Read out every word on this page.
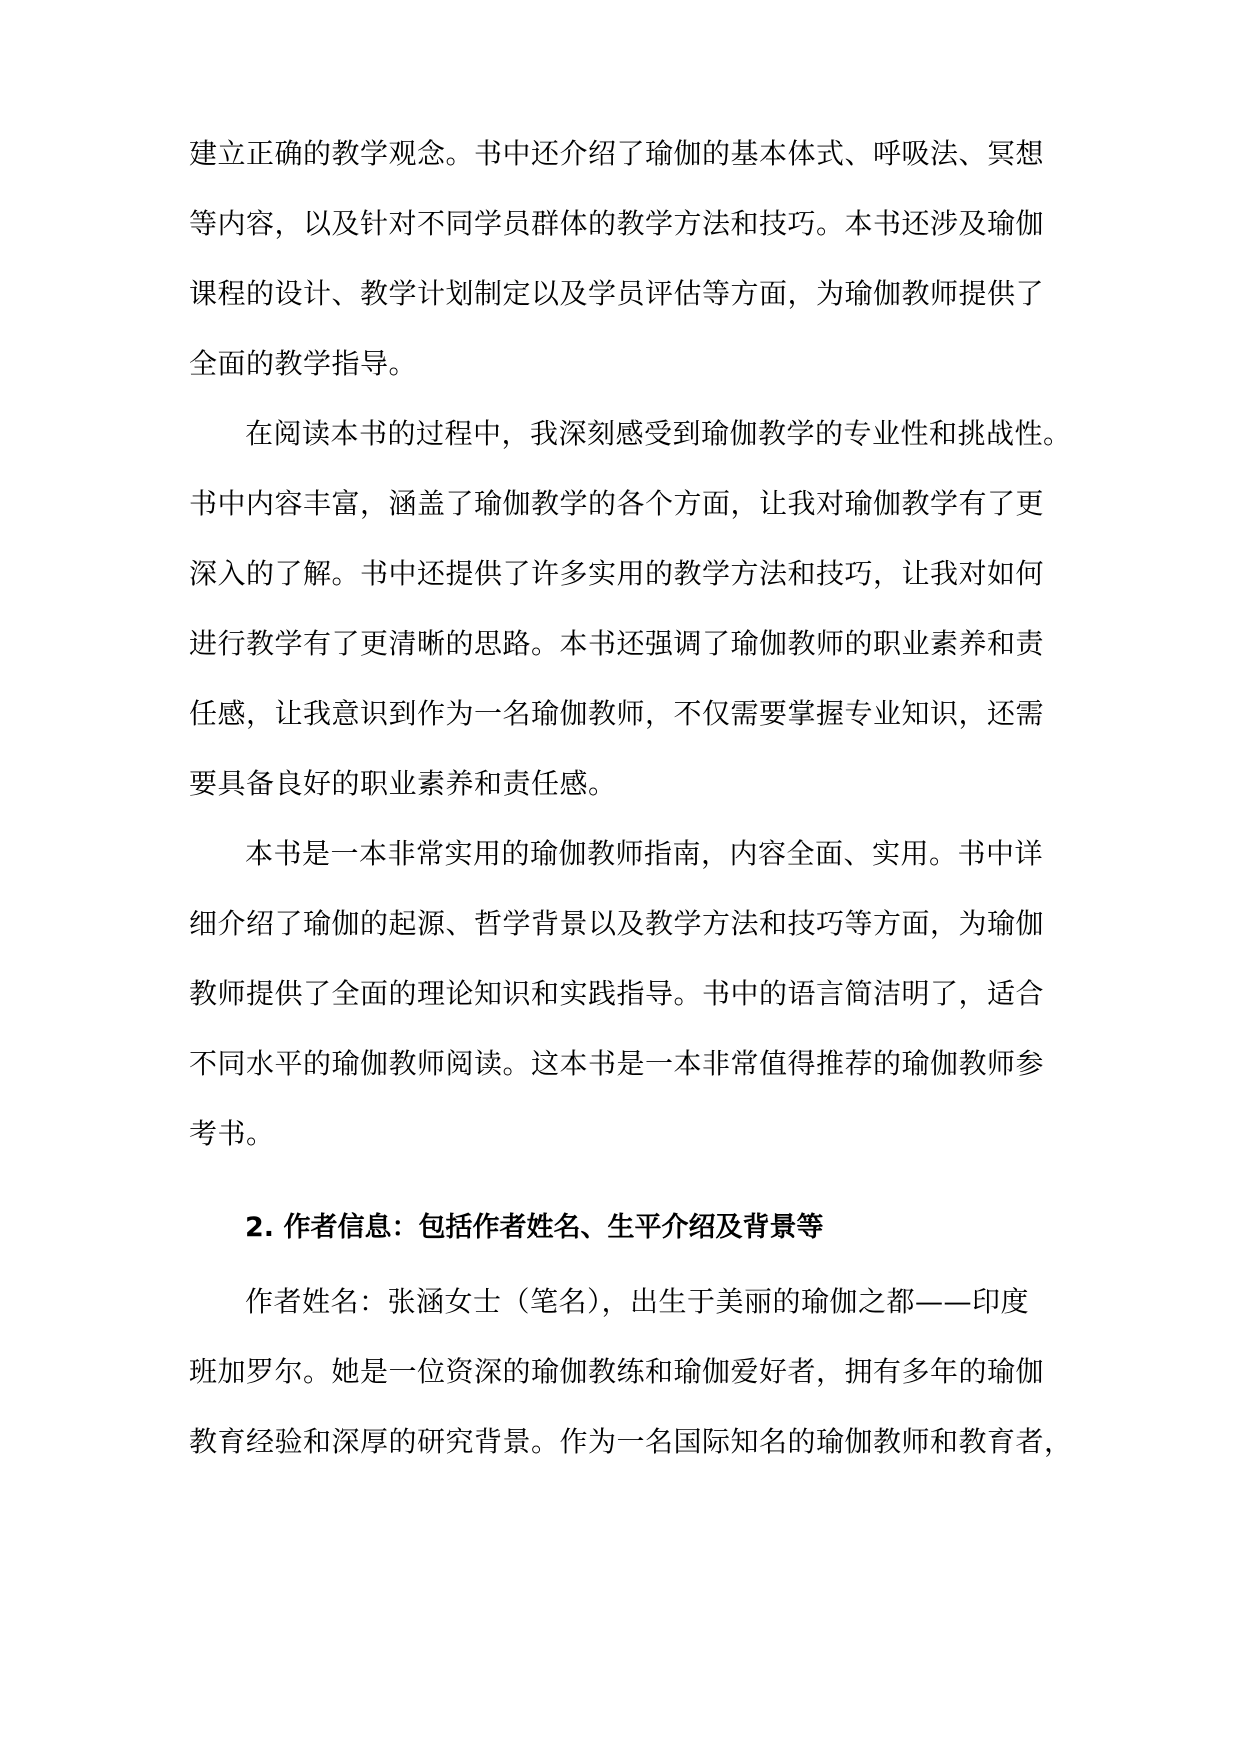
建立正确的教学观念。书中还介绍了瑜伽的基本体式、呼吸法、冥想
等内容，以及针对不同学员群体的教学方法和技巧。本书还涉及瑜伽
课程的设计、教学计划制定以及学员评估等方面，为瑜伽教师提供了
全面的教学指导。
在阅读本书的过程中，我深刻感受到瑜伽教学的专业性和挑战性。
书中内容丰富，涵盖了瑜伽教学的各个方面，让我对瑜伽教学有了更
深入的了解。书中还提供了许多实用的教学方法和技巧，让我对如何
进行教学有了更清晰的思路。本书还强调了瑜伽教师的职业素养和责
任感，让我意识到作为一名瑜伽教师，不仅需要掌握专业知识，还需
要具备良好的职业素养和责任感。
本书是一本非常实用的瑜伽教师指南，内容全面、实用。书中详
细介绍了瑜伽的起源、哲学背景以及教学方法和技巧等方面，为瑜伽
教师提供了全面的理论知识和实践指导。书中的语言简洁明了，适合
不同水平的瑜伽教师阅读。这本书是一本非常值得推荐的瑜伽教师参
考书。
2. 作者信息：包括作者姓名、生平介绍及背景等
作者姓名：张涵女士（笔名），出生于美丽的瑜伽之都——印度
班加罗尔。她是一位资深的瑜伽教练和瑜伽爱好者，拥有多年的瑜伽
教育经验和深厚的研究背景。作为一名国际知名的瑜伽教师和教育者，
